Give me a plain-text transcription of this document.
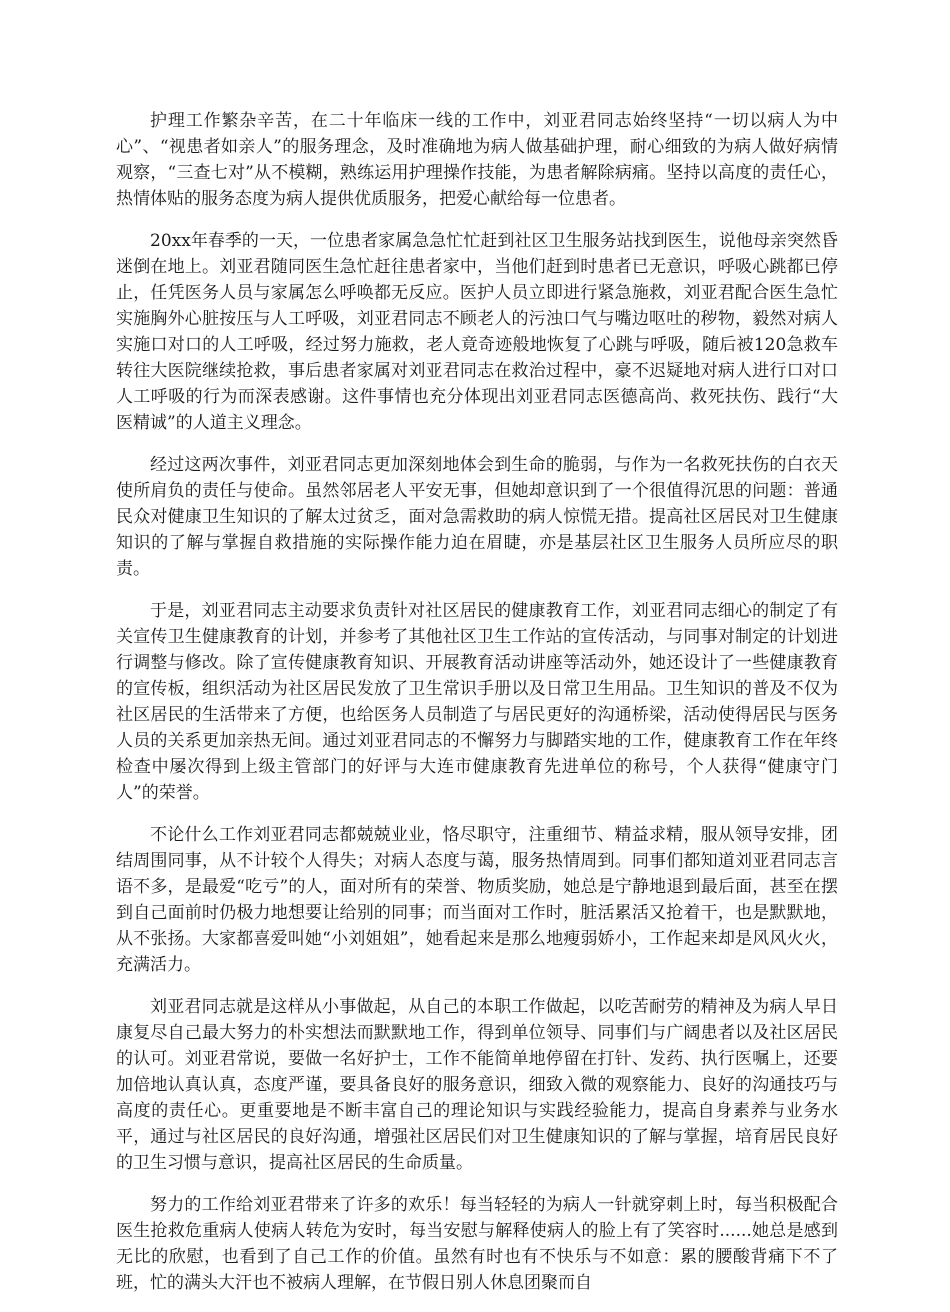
护理工作繁杂辛苦，在二十年临床一线的工作中，刘亚君同志始终坚持“一切以病人为中心”、“视患者如亲人”的服务理念，及时准确地为病人做基础护理，耐心细致的为病人做好病情观察，“三查七对”从不模糊，熟练运用护理操作技能，为患者解除病痛。坚持以高度的责任心，热情体贴的服务态度为病人提供优质服务，把爱心献给每一位患者。

20xx年春季的一天，一位患者家属急急忙忙赶到社区卫生服务站找到医生，说他母亲突然昏迷倒在地上。刘亚君随同医生急忙赶往患者家中，当他们赶到时患者已无意识，呼吸心跳都已停止，任凭医务人员与家属怎么呼唤都无反应。医护人员立即进行紧急施救，刘亚君配合医生急忙实施胸外心脏按压与人工呼吸，刘亚君同志不顾老人的污浊口气与嘴边呕吐的秽物，毅然对病人实施口对口的人工呼吸，经过努力施救，老人竟奇迹般地恢复了心跳与呼吸，随后被120急救车转往大医院继续抢救，事后患者家属对刘亚君同志在救治过程中，豪不迟疑地对病人进行口对口人工呼吸的行为而深表感谢。这件事情也充分体现出刘亚君同志医德高尚、救死扶伤、践行“大医精诚”的人道主义理念。

经过这两次事件，刘亚君同志更加深刻地体会到生命的脆弱，与作为一名救死扶伤的白衣天使所肩负的责任与使命。虽然邻居老人平安无事，但她却意识到了一个很值得沉思的问题：普通民众对健康卫生知识的了解太过贫乏，面对急需救助的病人惊慌无措。提高社区居民对卫生健康知识的了解与掌握自救措施的实际操作能力迫在眉睫，亦是基层社区卫生服务人员所应尽的职责。

于是，刘亚君同志主动要求负责针对社区居民的健康教育工作，刘亚君同志细心的制定了有关宣传卫生健康教育的计划，并参考了其他社区卫生工作站的宣传活动，与同事对制定的计划进行调整与修改。除了宣传健康教育知识、开展教育活动讲座等活动外，她还设计了一些健康教育的宣传板，组织活动为社区居民发放了卫生常识手册以及日常卫生用品。卫生知识的普及不仅为社区居民的生活带来了方便，也给医务人员制造了与居民更好的沟通桥梁，活动使得居民与医务人员的关系更加亲热无间。通过刘亚君同志的不懈努力与脚踏实地的工作，健康教育工作在年终检查中屡次得到上级主管部门的好评与大连市健康教育先进单位的称号，个人获得“健康守门人”的荣誉。

不论什么工作刘亚君同志都兢兢业业，恪尽职守，注重细节、精益求精，服从领导安排，团结周围同事，从不计较个人得失；对病人态度与蔼，服务热情周到。同事们都知道刘亚君同志言语不多，是最爱“吃亏”的人，面对所有的荣誉、物质奖励，她总是宁静地退到最后面，甚至在摆到自己面前时仍极力地想要让给别的同事；而当面对工作时，脏活累活又抢着干，也是默默地，从不张扬。大家都喜爱叫她“小刘姐姐”，她看起来是那么地瘦弱娇小，工作起来却是风风火火，充满活力。

刘亚君同志就是这样从小事做起，从自己的本职工作做起，以吃苦耐劳的精神及为病人早日康复尽自己最大努力的朴实想法而默默地工作，得到单位领导、同事们与广阔患者以及社区居民的认可。刘亚君常说，要做一名好护士，工作不能简单地停留在打针、发药、执行医嘱上，还要加倍地认真认真，态度严谨，要具备良好的服务意识，细致入微的观察能力、良好的沟通技巧与高度的责任心。更重要地是不断丰富自己的理论知识与实践经验能力，提高自身素养与业务水平，通过与社区居民的良好沟通，增强社区居民们对卫生健康知识的了解与掌握，培育居民良好的卫生习惯与意识，提高社区居民的生命质量。

努力的工作给刘亚君带来了许多的欢乐！每当轻轻的为病人一针就穿刺上时，每当积极配合医生抢救危重病人使病人转危为安时，每当安慰与解释使病人的脸上有了笑容时......她总是感到无比的欣慰，也看到了自己工作的价值。虽然有时也有不快乐与不如意：累的腰酸背痛下不了班，忙的满头大汗也不被病人理解，在节假日别人休息团聚而自
